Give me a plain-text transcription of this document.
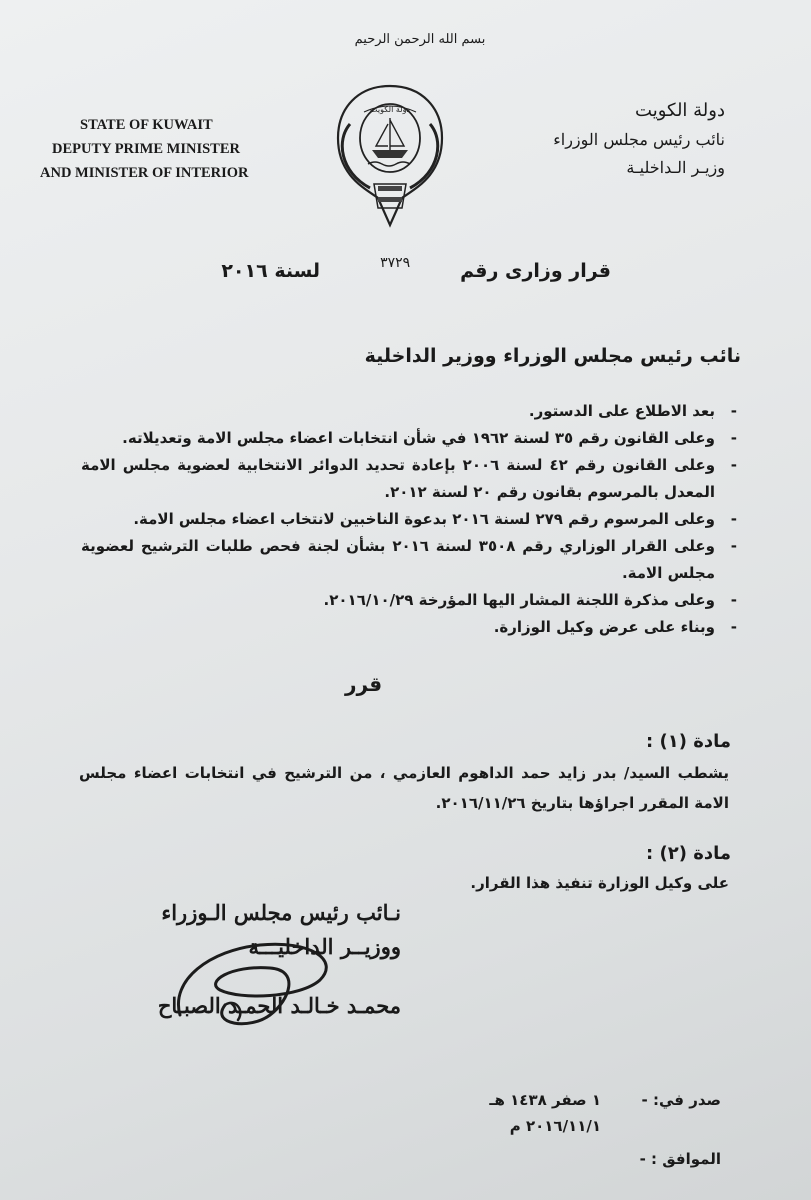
بسم الله الرحمن الرحيم
STATE OF KUWAIT
DEPUTY PRIME MINISTER
AND MINISTER OF INTERIOR
دولة الكويت
نائب رئيس مجلس الوزراء
وزيـر الـداخليـة
دولة الكويت
قرار وزارى رقم
٣٧٢٩
لسنة ٢٠١٦
نائب رئيس مجلس الوزراء ووزير الداخلية
- بعد الاطلاع على الدستور.
- وعلى القانون رقم ٣٥ لسنة ١٩٦٢ في شأن انتخابات اعضاء مجلس الامة وتعديلاته.
- وعلى القانون رقم ٤٢ لسنة ٢٠٠٦ بإعادة تحديد الدوائر الانتخابية لعضوية مجلس الامة المعدل بالمرسوم بقانون رقم ٢٠ لسنة ٢٠١٢.
- وعلى المرسوم رقم ٢٧٩ لسنة ٢٠١٦ بدعوة الناخبين لانتخاب اعضاء مجلس الامة.
- وعلى القرار الوزاري رقم ٣٥٠٨ لسنة ٢٠١٦ بشأن لجنة فحص طلبات الترشيح لعضوية مجلس الامة.
- وعلى مذكرة اللجنة المشار اليها المؤرخة ٢٠١٦/١٠/٢٩.
- وبناء على عرض وكيل الوزارة.
قرر
مادة (١) :
يشطب السيد/ بدر زايد حمد الداهوم العازمي ، من الترشيح في انتخابات اعضاء مجلس الامة المقرر اجراؤها بتاريخ ٢٠١٦/١١/٢٦.
مادة (٢) :
على وكيل الوزارة تنفيذ هذا القرار.
نـائب رئيس مجلس الـوزراء
ووزيــر الداخليـــة
محمـد خـالـد الحمـد الصبـاح
صدر في: -
١ صفر ١٤٣٨ هـ
٢٠١٦/١١/١ م
الموافق : -
